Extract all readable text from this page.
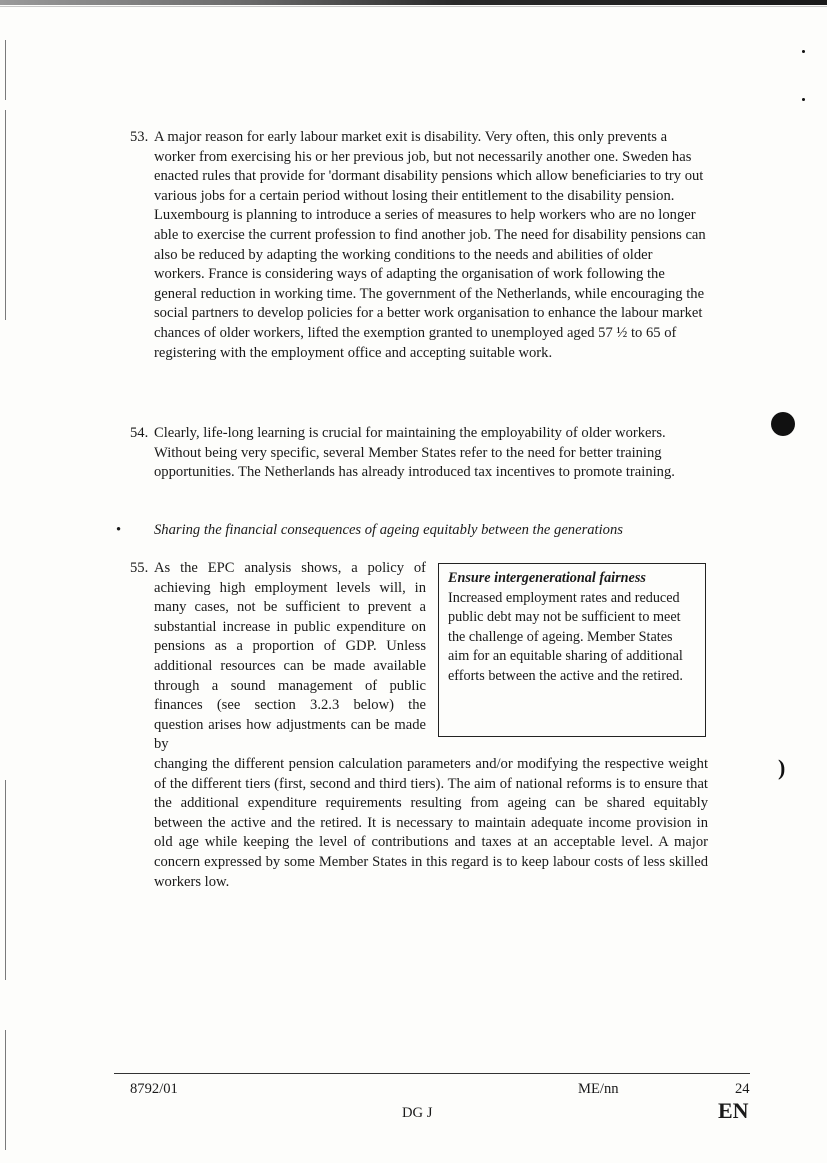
)
53. A major reason for early labour market exit is disability. Very often, this only prevents a worker from exercising his or her previous job, but not necessarily another one. Sweden has enacted rules that provide for 'dormant disability pensions which allow beneficiaries to try out various jobs for a certain period without losing their entitlement to the disability pension. Luxembourg is planning to introduce a series of measures to help workers who are no longer able to exercise the current profession to find another job. The need for disability pensions can also be reduced by adapting the working conditions to the needs and abilities of older workers. France is considering ways of adapting the organisation of work following the general reduction in working time. The government of the Netherlands, while encouraging the social partners to develop policies for a better work organisation to enhance the labour market chances of older workers, lifted the exemption granted to unemployed aged 57 ½ to 65 of registering with the employment office and accepting suitable work.
54. Clearly, life-long learning is crucial for maintaining the employability of older workers. Without being very specific, several Member States refer to the need for better training opportunities. The Netherlands has already introduced tax incentives to promote training.
• Sharing the financial consequences of ageing equitably between the generations
55. As the EPC analysis shows, a policy of achieving high employment levels will, in many cases, not be sufficient to prevent a substantial increase in public expenditure on pensions as a proportion of GDP. Unless additional resources can be made available through a sound management of public finances (see section 3.2.3 below) the question arises how adjustments can be made by
Ensure intergenerational fairness
Increased employment rates and reduced public debt may not be sufficient to meet the challenge of ageing. Member States aim for an equitable sharing of additional efforts between the active and the retired.
changing the different pension calculation parameters and/or modifying the respective weight of the different tiers (first, second and third tiers). The aim of national reforms is to ensure that the additional expenditure requirements resulting from ageing can be shared equitably between the active and the retired. It is necessary to maintain adequate income provision in old age while keeping the level of contributions and taxes at an acceptable level. A major concern expressed by some Member States in this regard is to keep labour costs of less skilled workers low.
8792/01	ME/nn	24
DG J	EN
